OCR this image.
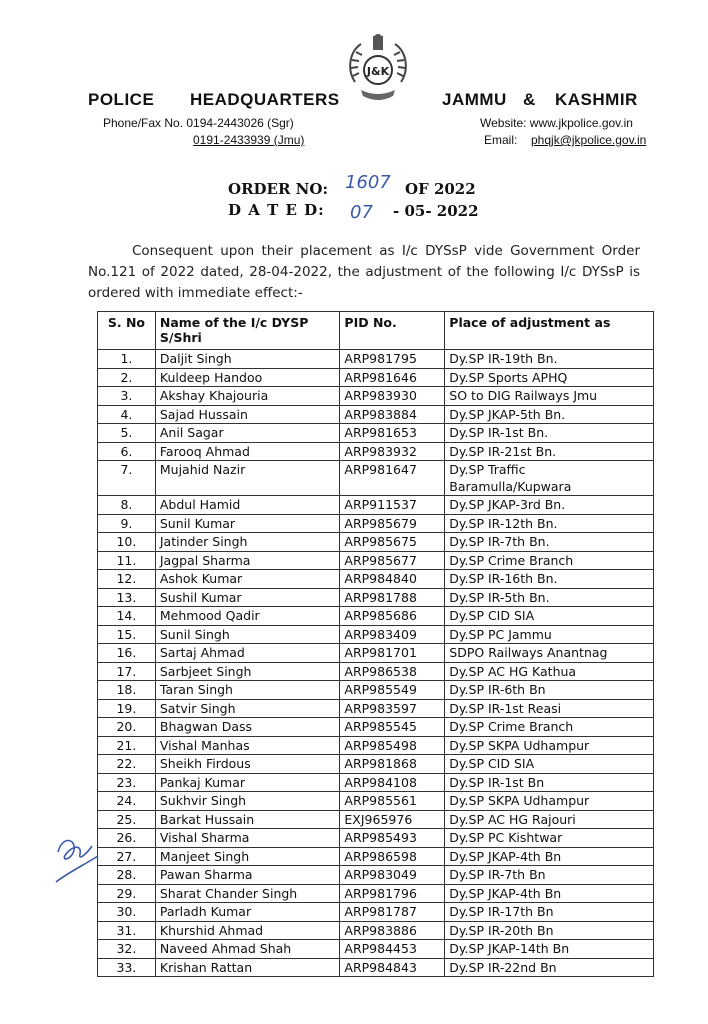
POLICE HEADQUARTERS
Phone/Fax No. 0194-2443026 (Sgr)
0191-2433939 (Jmu)
J&K
JAMMU & KASHMIR
Website: www.jkpolice.gov.in
Email: phqjk@jkpolice.gov.in
ORDER NO: 1607 OF 2022
D A T E D: 07 - 05- 2022
Consequent upon their placement as I/c DYSsP vide Government Order No.121 of 2022 dated, 28-04-2022, the adjustment of the following I/c DYSsP is ordered with immediate effect:-
S. No	Name of the I/c DYSP S/Shri	PID No.	Place of adjustment as
1.	Daljit Singh	ARP981795	Dy.SP IR-19th Bn.
2.	Kuldeep Handoo	ARP981646	Dy.SP Sports APHQ
3.	Akshay Khajouria	ARP983930	SO to DIG Railways Jmu
4.	Sajad Hussain	ARP983884	Dy.SP JKAP-5th Bn.
5.	Anil Sagar	ARP981653	Dy.SP IR-1st Bn.
6.	Farooq Ahmad	ARP983932	Dy.SP IR-21st Bn.
7.	Mujahid Nazir	ARP981647	Dy.SP Traffic Baramulla/Kupwara
8.	Abdul Hamid	ARP911537	Dy.SP JKAP-3rd Bn.
9.	Sunil Kumar	ARP985679	Dy.SP IR-12th Bn.
10.	Jatinder Singh	ARP985675	Dy.SP IR-7th Bn.
11.	Jagpal Sharma	ARP985677	Dy.SP Crime Branch
12.	Ashok Kumar	ARP984840	Dy.SP IR-16th Bn.
13.	Sushil Kumar	ARP981788	Dy.SP IR-5th Bn.
14.	Mehmood Qadir	ARP985686	Dy.SP CID SIA
15.	Sunil Singh	ARP983409	Dy.SP PC Jammu
16.	Sartaj Ahmad	ARP981701	SDPO Railways Anantnag
17.	Sarbjeet Singh	ARP986538	Dy.SP AC HG Kathua
18.	Taran Singh	ARP985549	Dy.SP IR-6th Bn
19.	Satvir Singh	ARP983597	Dy.SP IR-1st Reasi
20.	Bhagwan Dass	ARP985545	Dy.SP Crime Branch
21.	Vishal Manhas	ARP985498	Dy.SP SKPA Udhampur
22.	Sheikh Firdous	ARP981868	Dy.SP CID SIA
23.	Pankaj Kumar	ARP984108	Dy.SP IR-1st Bn
24.	Sukhvir Singh	ARP985561	Dy.SP SKPA Udhampur
25.	Barkat Hussain	EXJ965976	Dy.SP AC HG Rajouri
26.	Vishal Sharma	ARP985493	Dy.SP PC Kishtwar
27.	Manjeet Singh	ARP986598	Dy.SP JKAP-4th Bn
28.	Pawan Sharma	ARP983049	Dy.SP IR-7th Bn
29.	Sharat Chander Singh	ARP981796	Dy.SP JKAP-4th Bn
30.	Parladh Kumar	ARP981787	Dy.SP IR-17th Bn
31.	Khurshid Ahmad	ARP983886	Dy.SP IR-20th Bn
32.	Naveed Ahmad Shah	ARP984453	Dy.SP JKAP-14th Bn
33.	Krishan Rattan	ARP984843	Dy.SP IR-22nd Bn
